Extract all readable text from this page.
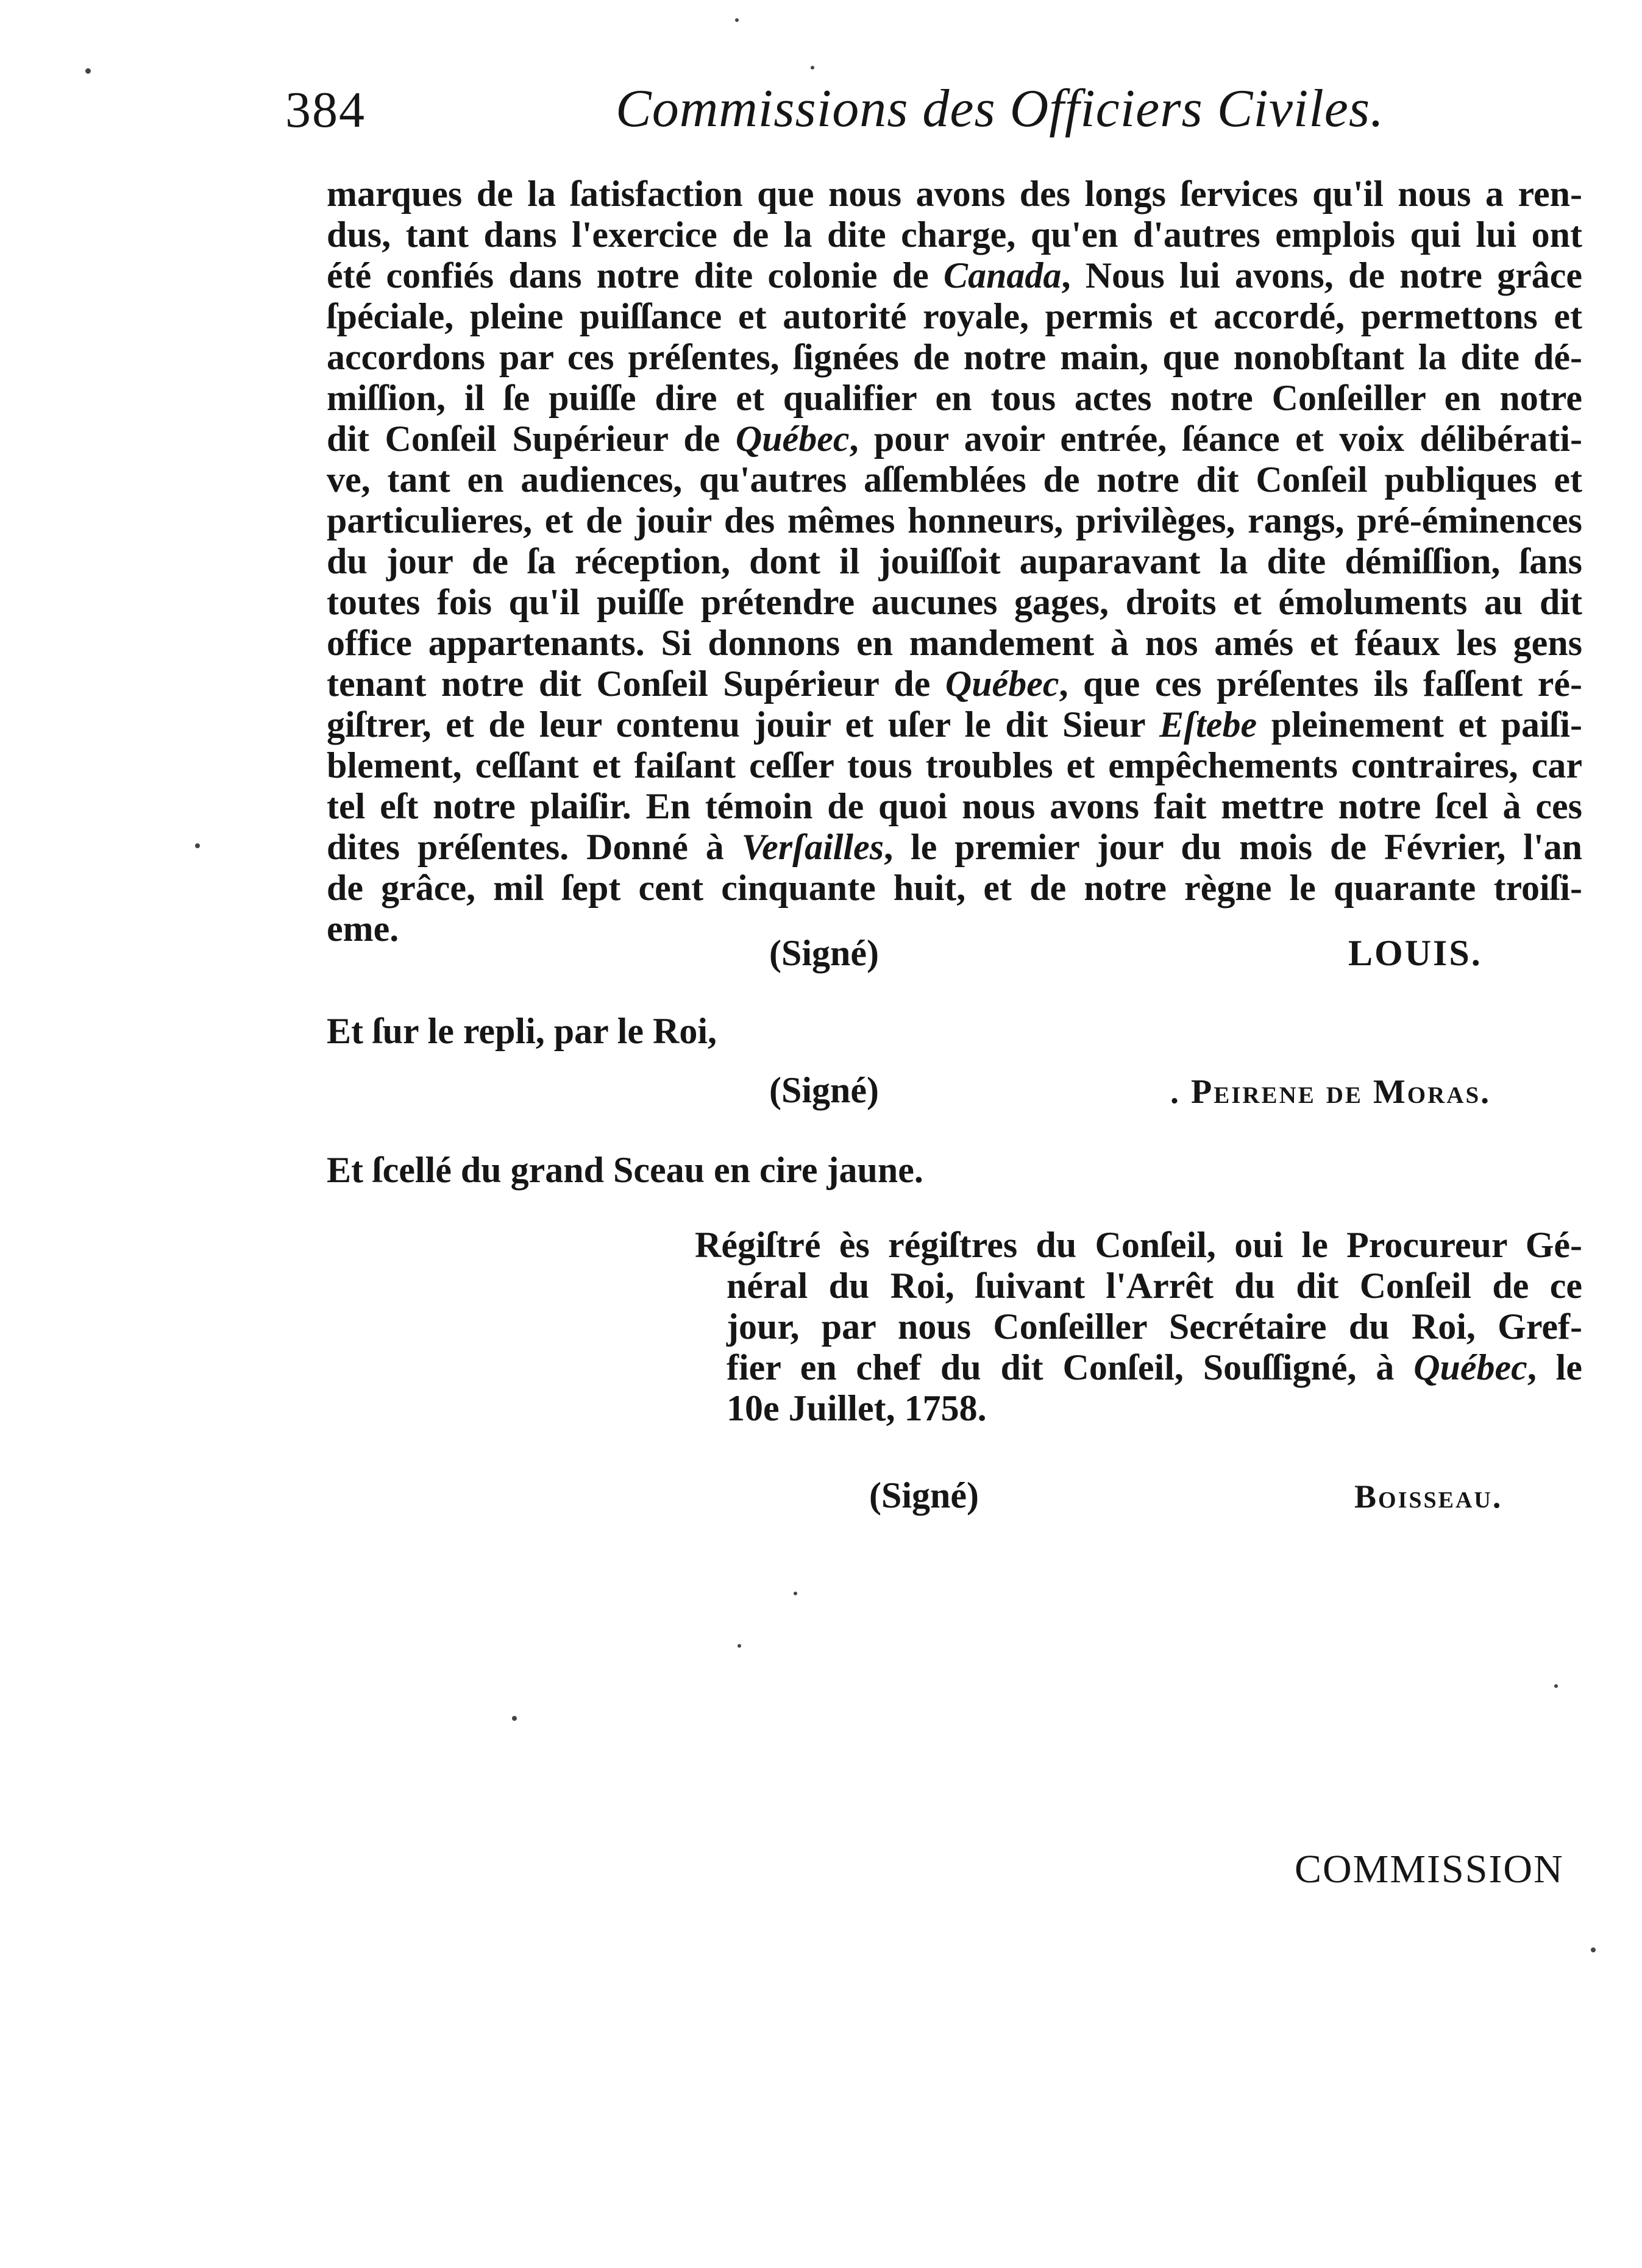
384	Commissions des Officiers Civiles.
marques de la ſatisfaction que nous avons des longs ſervices qu'il nous a ren-
dus, tant dans l'exercice de la dite charge, qu'en d'autres emplois qui lui ont
été confiés dans notre dite colonie de Canada, Nous lui avons, de notre grâce
ſpéciale, pleine puiſſance et autorité royale, permis et accordé, permettons et
accordons par ces préſentes, ſignées de notre main, que nonobſtant la dite dé-
miſſion, il ſe puiſſe dire et qualifier en tous actes notre Conſeiller en notre
dit Conſeil Supérieur de Québec, pour avoir entrée, ſéance et voix délibérati-
ve, tant en audiences, qu'autres aſſemblées de notre dit Conſeil publiques et
particulieres, et de jouir des mêmes honneurs, privilèges, rangs, pré-éminences
du jour de ſa réception, dont il jouiſſoit auparavant la dite démiſſion, ſans
toutes fois qu'il puiſſe prétendre aucunes gages, droits et émoluments au dit
office appartenants. Si donnons en mandement à nos amés et féaux les gens
tenant notre dit Conſeil Supérieur de Québec, que ces préſentes ils faſſent ré-
giſtrer, et de leur contenu jouir et uſer le dit Sieur Eſtebe pleinement et paiſi-
blement, ceſſant et faiſant ceſſer tous troubles et empêchements contraires, car
tel eſt notre plaiſir. En témoin de quoi nous avons fait mettre notre ſcel à ces
dites préſentes. Donné à Verſailles, le premier jour du mois de Février, l'an
de grâce, mil ſept cent cinquante huit, et de notre règne le quarante troiſi-
eme.
(Signé)	LOUIS.
Et ſur le repli, par le Roi,
(Signé)	. Peirene de Moras.
Et ſcellé du grand Sceau en cire jaune.
Régiſtré ès régiſtres du Conſeil, oui le Procureur Gé-
néral du Roi, ſuivant l'Arrêt du dit Conſeil de ce
jour, par nous Conſeiller Secrétaire du Roi, Gref-
fier en chef du dit Conſeil, Souſſigné, à Québec, le
10e Juillet, 1758.
(Signé)	Boisseau.
COMMISSION
